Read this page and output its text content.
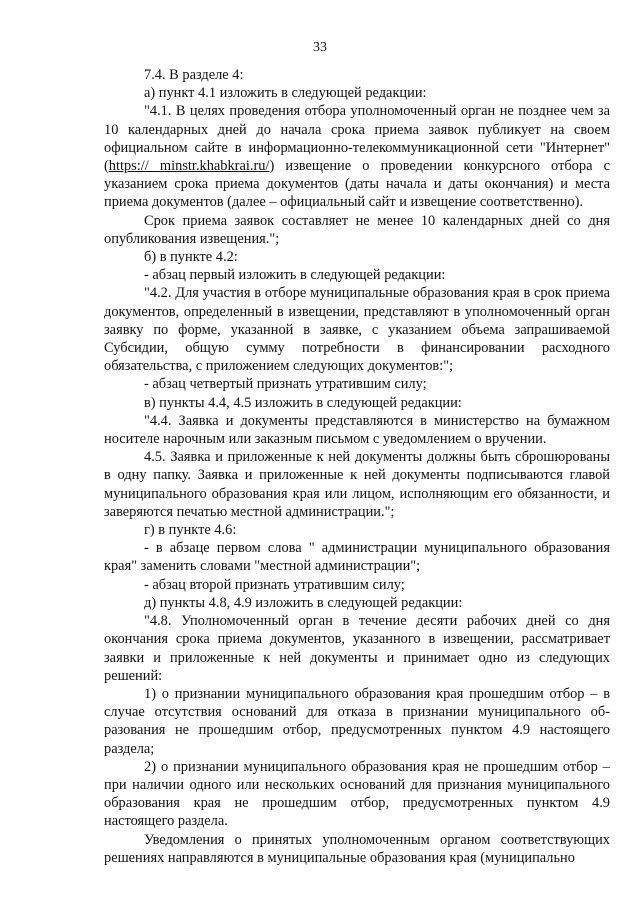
33

7.4. В разделе 4:

а) пункт 4.1 изложить в следующей редакции:

"4.1. В целях проведения отбора уполномоченный орган не позднее чем за 10 календарных дней до начала срока приема заявок публикует на своем официальном сайте в информационно-телекоммуникационной сети "Интернет" (https:// minstr.khabkrai.ru/) извещение о проведении конкурсного отбора с указанием срока приема документов (даты начала и даты окончания) и места приема документов (далее – официальный сайт и извещение соответственно).

Срок приема заявок составляет не менее 10 календарных дней со дня опубликования извещения.";

б) в пункте 4.2:

- абзац первый изложить в следующей редакции:

"4.2. Для участия в отборе муниципальные образования края в срок приема документов, определенный в извещении, представляют в уполномоченный орган заявку по форме, указанной в заявке, с указанием объема запрашиваемой Субсидии, общую сумму потребности в финансировании расходного обязательства, с приложением следующих документов:";

- абзац четвертый признать утратившим силу;

в) пункты 4.4, 4.5 изложить в следующей редакции:

"4.4. Заявка и документы представляются в министерство на бумажном носителе нарочным или заказным письмом с уведомлением о вручении.

4.5. Заявка и приложенные к ней документы должны быть сброшюрованы в одну папку. Заявка и приложенные к ней документы подписываются главой муниципального образования края или лицом, исполняющим его обязанности, и заверяются печатью местной администрации.";

г) в пункте 4.6:

- в абзаце первом слова " администрации муниципального образования края" заменить словами "местной администрации";

- абзац второй признать утратившим силу;

д) пункты 4.8, 4.9 изложить в следующей редакции:

"4.8. Уполномоченный орган в течение десяти рабочих дней со дня окончания срока приема документов, указанного в извещении, рассматривает заявки и приложенные к ней документы и принимает одно из следующих решений:

1) о признании муниципального образования края прошедшим отбор – в случае отсутствия оснований для отказа в признании муниципального образования не прошедшим отбор, предусмотренных пунктом 4.9 настоящего раздела;

2) о признании муниципального образования края не прошедшим отбор – при наличии одного или нескольких оснований для признания муниципального образования края не прошедшим отбор, предусмотренных пунктом 4.9 настоящего раздела.

Уведомления о принятых уполномоченным органом соответствующих решениях направляются в муниципальные образования края (муниципально
